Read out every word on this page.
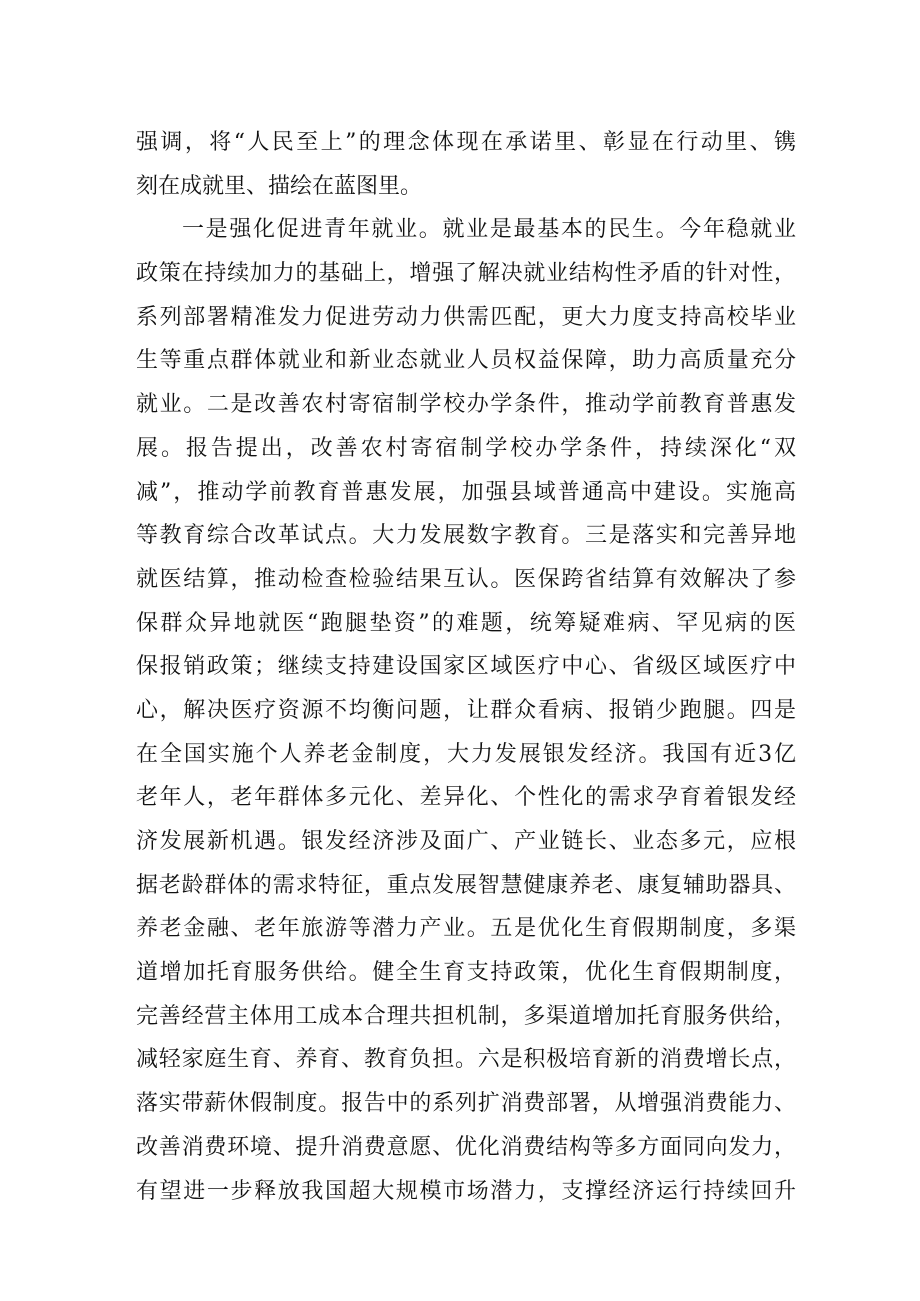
强调，将“人民至上”的理念体现在承诺里、彰显在行动里、镌
刻在成就里、描绘在蓝图里。
一是强化促进青年就业。就业是最基本的民生。今年稳就业
政策在持续加力的基础上，增强了解决就业结构性矛盾的针对性，
系列部署精准发力促进劳动力供需匹配，更大力度支持高校毕业
生等重点群体就业和新业态就业人员权益保障，助力高质量充分
就业。二是改善农村寄宿制学校办学条件，推动学前教育普惠发
展。报告提出，改善农村寄宿制学校办学条件，持续深化“双
减”，推动学前教育普惠发展，加强县域普通高中建设。实施高
等教育综合改革试点。大力发展数字教育。三是落实和完善异地
就医结算，推动检查检验结果互认。医保跨省结算有效解决了参
保群众异地就医“跑腿垫资”的难题，统筹疑难病、罕见病的医
保报销政策；继续支持建设国家区域医疗中心、省级区域医疗中
心，解决医疗资源不均衡问题，让群众看病、报销少跑腿。四是
在全国实施个人养老金制度，大力发展银发经济。我国有近3亿
老年人，老年群体多元化、差异化、个性化的需求孕育着银发经
济发展新机遇。银发经济涉及面广、产业链长、业态多元，应根
据老龄群体的需求特征，重点发展智慧健康养老、康复辅助器具、
养老金融、老年旅游等潜力产业。五是优化生育假期制度，多渠
道增加托育服务供给。健全生育支持政策，优化生育假期制度，
完善经营主体用工成本合理共担机制，多渠道增加托育服务供给，
减轻家庭生育、养育、教育负担。六是积极培育新的消费增长点，
落实带薪休假制度。报告中的系列扩消费部署，从增强消费能力、
改善消费环境、提升消费意愿、优化消费结构等多方面同向发力，
有望进一步释放我国超大规模市场潜力，支撑经济运行持续回升
